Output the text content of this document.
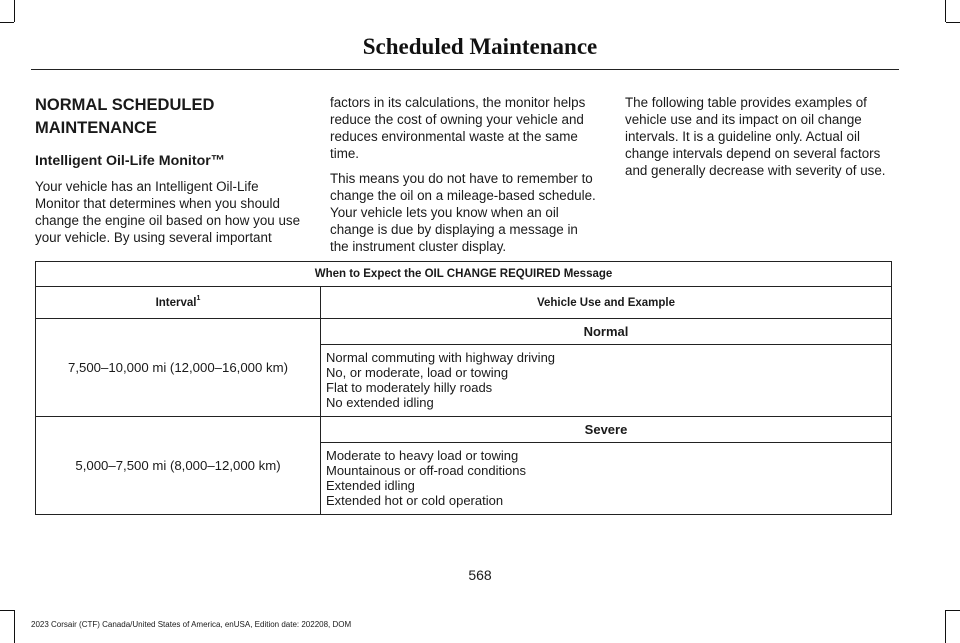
Scheduled Maintenance
NORMAL SCHEDULED
MAINTENANCE
Intelligent Oil-Life Monitor™

Your vehicle has an Intelligent Oil-Life Monitor that determines when you should change the engine oil based on how you use your vehicle. By using several important

factors in its calculations, the monitor helps reduce the cost of owning your vehicle and reduces environmental waste at the same time.

This means you do not have to remember to change the oil on a mileage-based schedule. Your vehicle lets you know when an oil change is due by displaying a message in the instrument cluster display.

The following table provides examples of vehicle use and its impact on oil change intervals. It is a guideline only. Actual oil change intervals depend on several factors and generally decrease with severity of use.

When to Expect the OIL CHANGE REQUIRED Message	
Interval$^1$	Vehicle Use and Example
7,500–10,000 mi (12,000–16,000 km)	Normal

	Normal commuting with highway driving
No, or moderate, load or towing
Flat to moderately hilly roads
No extended idling

5,000–7,500 mi (8,000–12,000 km)	Severe

	Moderate to heavy load or towing
Mountainous or off-road conditions
Extended idling
Extended hot or cold operation
568
2023 Corsair (CTF) Canada/United States of America, enUSA, Edition date: 202208, DOM
